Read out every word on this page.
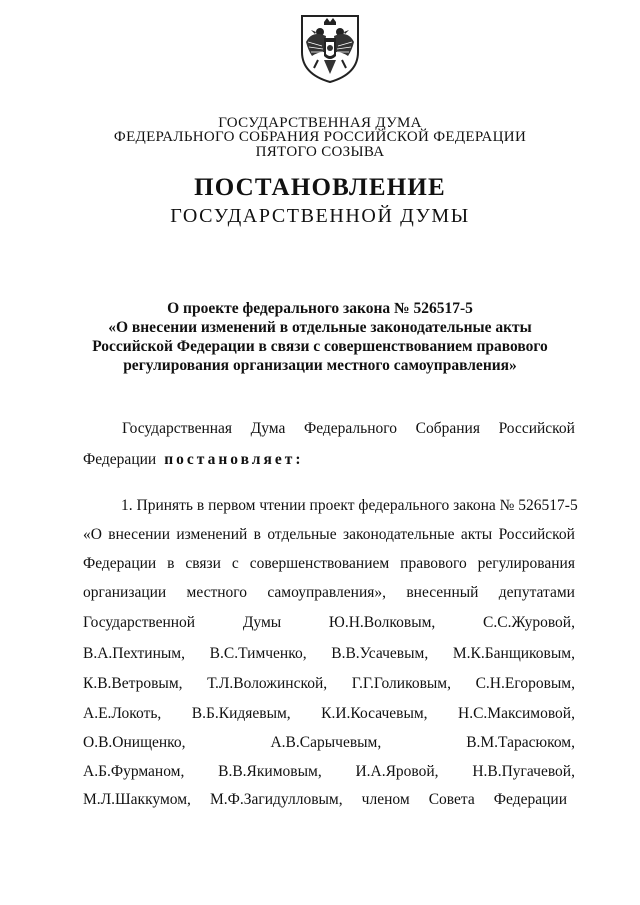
ГОСУДАРСТВЕННАЯ ДУМА
ФЕДЕРАЛЬНОГО СОБРАНИЯ РОССИЙСКОЙ ФЕДЕРАЦИИ
ПЯТОГО СОЗЫВА
ПОСТАНОВЛЕНИЕ
ГОСУДАРСТВЕННОЙ ДУМЫ
О проекте федерального закона № 526517-5
«О внесении изменений в отдельные законодательные акты
Российской Федерации в связи с совершенствованием правового
регулирования организации местного самоуправления»
Государственная Дума Федерального Собрания Российской
Федерации постановляет:
1. Принять в первом чтении проект федерального закона № 526517-5
«О внесении изменений в отдельные законодательные акты Российской
Федерации в связи с совершенствованием правового регулирования
организации местного самоуправления», внесенный депутатами
Государственной	Думы	Ю.Н.Волковым,	С.С.Журовой,
В.А.Пехтиным, В.С.Тимченко, В.В.Усачевым, М.К.Банщиковым,
К.В.Ветровым, Т.Л.Воложинской, Г.Г.Голиковым, С.Н.Егоровым,
А.Е.Локоть, В.Б.Кидяевым, К.И.Косачевым, Н.С.Максимовой,
О.В.Онищенко,	А.В.Сарычевым,	В.М.Тарасюком,
А.Б.Фурманом, В.В.Якимовым, И.А.Яровой, Н.В.Пугачевой,
М.Л.Шаккумом, М.Ф.Загидулловым, членом Совета Федерации
